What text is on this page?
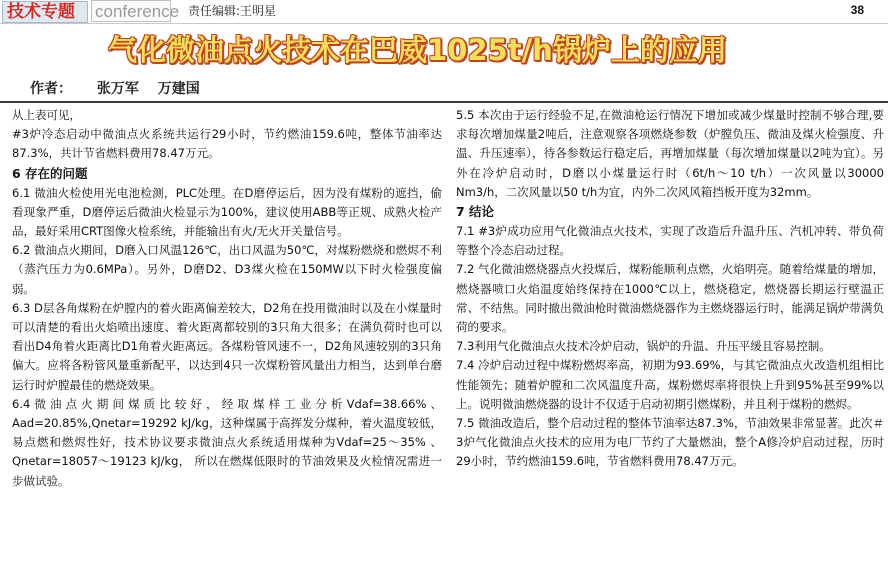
技术专题 conference 责任编辑:王明星	38
气化微油点火技术在巴威1025t/h锅炉上的应用
作者： 张万军 万建国

从上表可见，

#3炉冷态启动中微油点火系统共运行29小时，节约燃油159.6吨，整体节油率达87.3%，共计节省燃料费用78.47万元。

6 存在的问题

6.1 微油火检使用光电池检测，PLC处理。在D磨停运后，因为没有煤粉的遮挡，偷看现象严重，D磨停运后微油火检显示为100%，建议使用ABB等正规、成熟火检产品，最好采用CRT图像火检系统，并能输出有火/无火开关量信号。

6.2 微油点火期间，D磨入口风温126℃，出口风温为50℃，对煤粉燃烧和燃烬不利（蒸汽压力为0.6MPa）。另外，D磨D2、D3煤火检在150MW以下时火检强度偏弱。

6.3 D层各角煤粉在炉膛内的着火距离偏差较大，D2角在投用微油时以及在小煤量时可以清楚的看出火焰喷出速度、着火距离都较别的3只角大很多；在满负荷时也可以看出D4角着火距离比D1角着火距离远。各煤粉管风速不一，D2角风速较别的3只角偏大。应将各粉管风量重新配平，以达到4只一次煤粉管风量出力相当，达到单台磨运行时炉膛最佳的燃烧效果。

6.4微油点火期间煤质比较好，经取煤样工业分析Vdaf=38.66%、Aad=20.85%,Qnetar=19292 kJ/kg，这种煤属于高挥发分煤种，着火温度较低，易点燃和燃烬性好，技术协议要求微油点火系统适用煤种为Vdaf=25～35% 、Qnetar=18057～19123 kJ/kg， 所以在燃煤低限时的节油效果及火检情况需进一步做试验。

5.5 本次由于运行经验不足,在微油枪运行情况下增加或减少煤量时控制不够合理,要求每次增加煤量2吨后，注意观察各项燃烧参数（炉膛负压、微油及煤火检强度、升温、升压速率），待各参数运行稳定后，再增加煤量（每次增加煤量以2吨为宜）。另外在冷炉启动时，D磨以小煤量运行时（6t/h～10 t/h）一次风量以30000 Nm3/h，二次风量以50 t/h为宜，内外二次风风箱挡板开度为32mm。

7 结论

7.1 #3炉成功应用气化微油点火技术，实现了改造后升温升压、汽机冲转、带负荷等整个冷态启动过程。

7.2 气化微油燃烧器点火投煤后，煤粉能顺利点燃，火焰明亮。随着给煤量的增加，燃烧器喷口火焰温度始终保持在1000℃以上，燃烧稳定，燃烧器长期运行壁温正常、不结焦。同时撤出微油枪时微油燃烧器作为主燃烧器运行时，能满足锅炉带满负荷的要求。

7.3利用气化微油点火技术冷炉启动，锅炉的升温、升压平缓且容易控制。

7.4 冷炉启动过程中煤粉燃烬率高，初期为93.69%，与其它微油点火改造机组相比性能领先；随着炉膛和二次风温度升高，煤粉燃烬率将很快上升到95%甚至99%以上。说明微油燃烧器的设计不仅适于启动初期引燃煤粉，并且利于煤粉的燃烬。

7.5 微油改造后，整个启动过程的整体节油率达87.3%，节油效果非常显著。此次＃3炉气化微油点火技术的应用为电厂节约了大量燃油，整个A修冷炉启动过程，历时29小时，节约燃油159.6吨，节省燃料费用78.47万元。
